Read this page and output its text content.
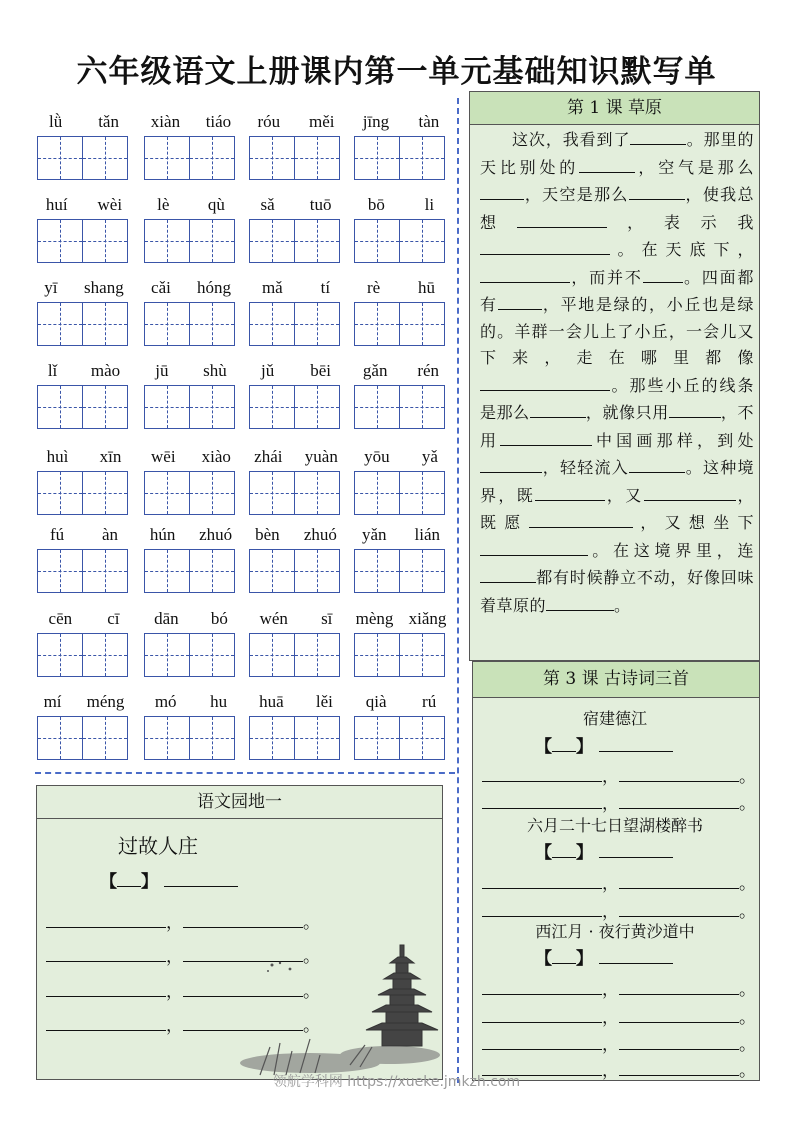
六年级语文上册课内第一单元基础知识默写单
lǜ tǎn xiàn tiáo róu měi jīng tàn
huí wèi lè qù sǎ tuō bō li
yī shang cǎi hóng mǎ tí rè hū
lǐ mào jū shù jǔ bēi gǎn rén
huì xīn wēi xiào zhái yuàn yōu yǎ
fú àn hún zhuó bèn zhuó yǎn lián
cēn cī dān bó wén sī mèng xiǎng
mí méng mó hu huā lěi qià rú
第 1 课 草原
这次，我看到了	。那里的天比别处的	，空气是那么，天空是那么	，使我总想	，表示我。在天底下，，而并不	。四面都有	，平地是绿的，小丘也是绿的。羊群一会儿上了小丘，一会儿又下来，走在哪里都像。那些小丘的线条是那么	，就像只用	，不用	中国画那样，到处，轻轻流入	。这种境界，既	，又	，既愿	，又想坐下。在这境界里，连都有时候静立不动，好像回味着草原的	。
第 3 课 古诗词三首
宿建德江
【 】
，	。
，	。
六月二十七日望湖楼醉书
【 】
，	。
，	。
西江月 · 夜行黄沙道中
【 】
，	。
，	。
，	。
，	。
语文园地一
过故人庄
【 】
，	。
，	。
，	。
，	。
领航学科网 https://xueke.jmkzh.com
